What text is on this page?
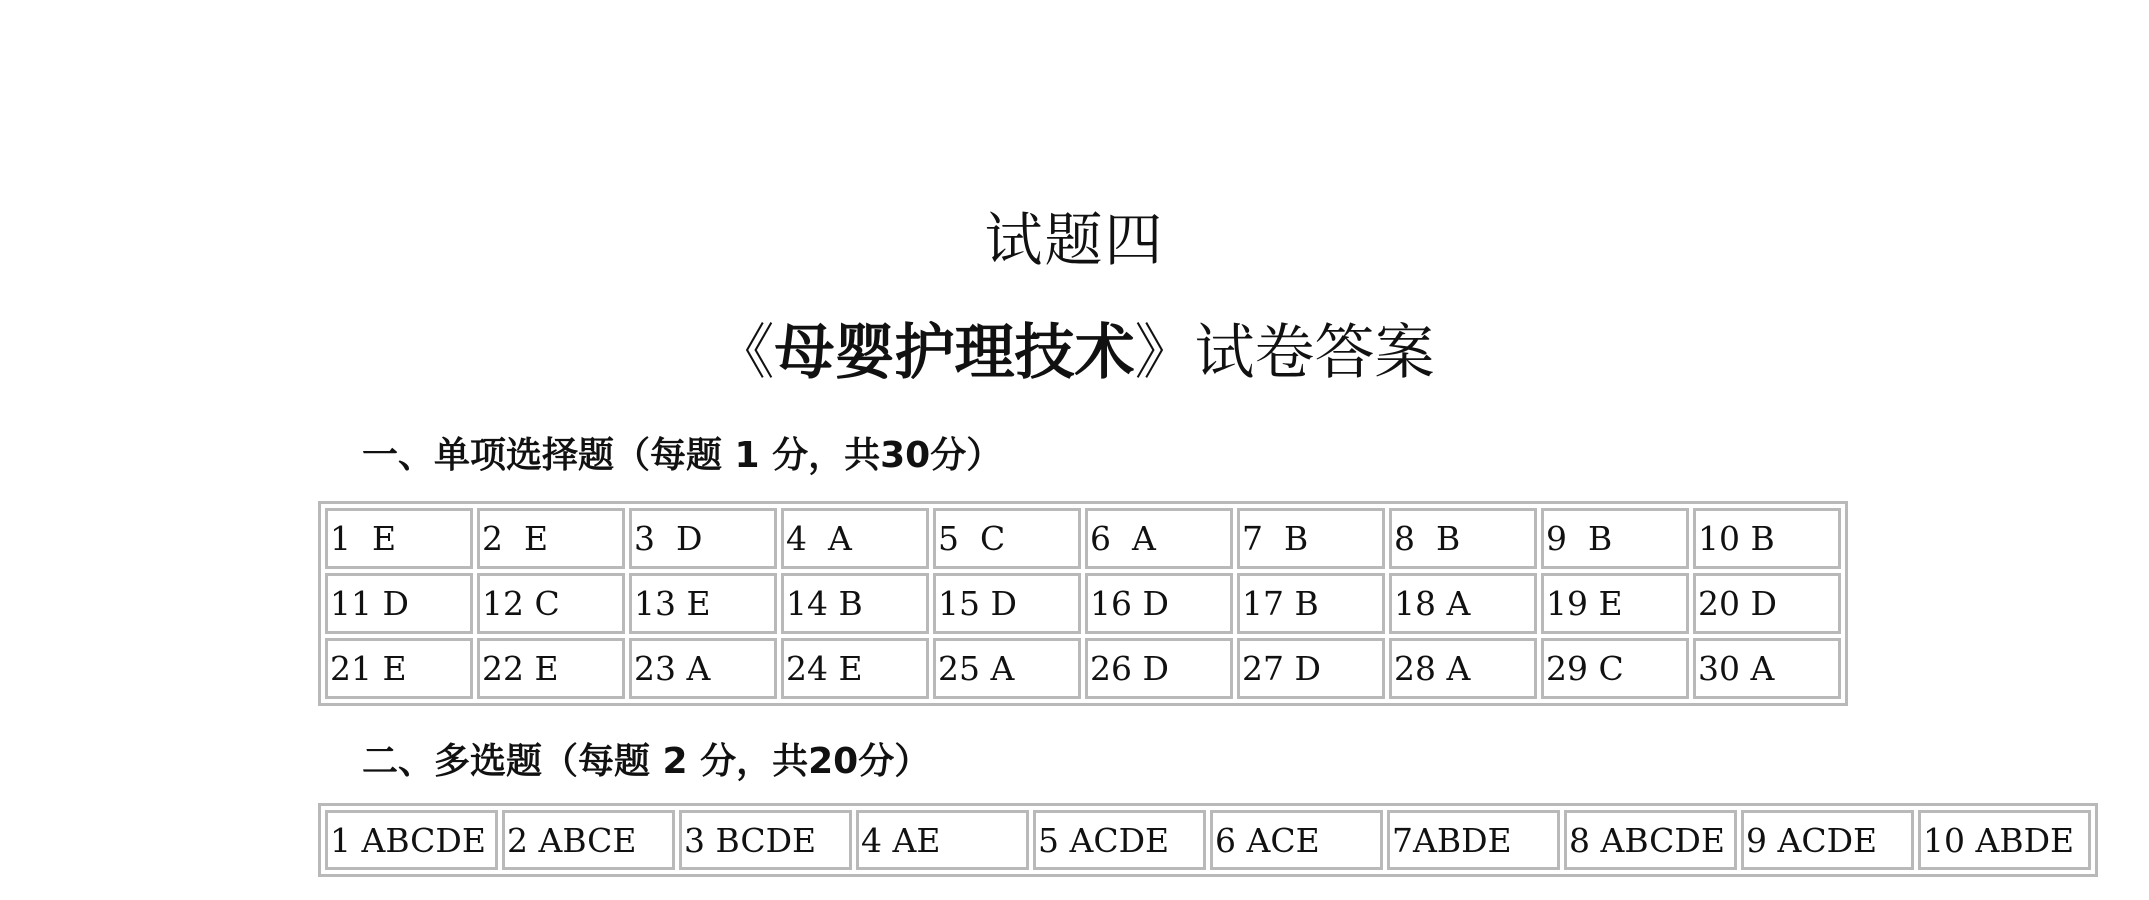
试题四
《母婴护理技术》试卷答案
一、单项选择题（每题 1 分，共30分）
1  E	2  E	3  D	4  A	5  C	6  A	7  B	8  B	9  B	10 B
11 D	12 C	13 E	14 B	15 D	16 D	17 B	18 A	19 E	20 D
21 E	22 E	23 A	24 E	25 A	26 D	27 D	28 A	29 C	30 A
二、多选题（每题 2 分，共20分）
1 ABCDE	2 ABCE	3 BCDE	4 AE	5 ACDE	6 ACE	7ABDE	8 ABCDE	9 ACDE	10 ABDE
